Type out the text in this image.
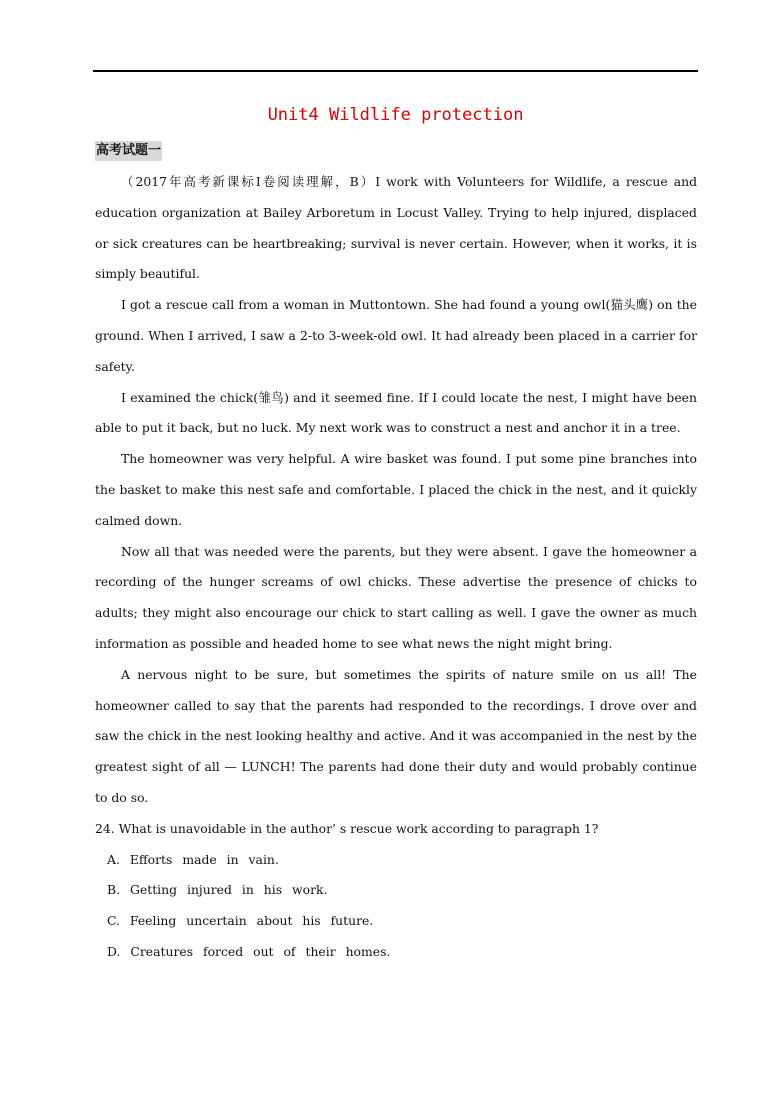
Unit4 Wildlife protection
高考试题一

（2017年高考新课标Ⅰ卷阅读理解，B）I work with Volunteers for Wildlife, a rescue and education organization at Bailey Arboretum in Locust Valley. Trying to help injured, displaced or sick creatures can be heartbreaking; survival is never certain. However, when it works, it is simply beautiful.

I got a rescue call from a woman in Muttontown. She had found a young owl(猫头鹰) on the ground. When I arrived, I saw a 2-to 3-week-old owl. It had already been placed in a carrier for safety.

I examined the chick(雏鸟) and it seemed fine. If I could locate the nest, I might have been able to put it back, but no luck. My next work was to construct a nest and anchor it in a tree.

The homeowner was very helpful. A wire basket was found. I put some pine branches into the basket to make this nest safe and comfortable. I placed the chick in the nest, and it quickly calmed down.

Now all that was needed were the parents, but they were absent. I gave the homeowner a recording of the hunger screams of owl chicks. These advertise the presence of chicks to adults; they might also encourage our chick to start calling as well. I gave the owner as much information as possible and headed home to see what news the night might bring.

A nervous night to be sure, but sometimes the spirits of nature smile on us all! The homeowner called to say that the parents had responded to the recordings. I drove over and saw the chick in the nest looking healthy and active. And it was accompanied in the nest by the greatest sight of all — LUNCH! The parents had done their duty and would probably continue to do so.

24. What is unavoidable in the author’ s rescue work according to paragraph 1?
A. Efforts made in vain.
B. Getting injured in his work.
C. Feeling uncertain about his future.
D. Creatures forced out of their homes.
